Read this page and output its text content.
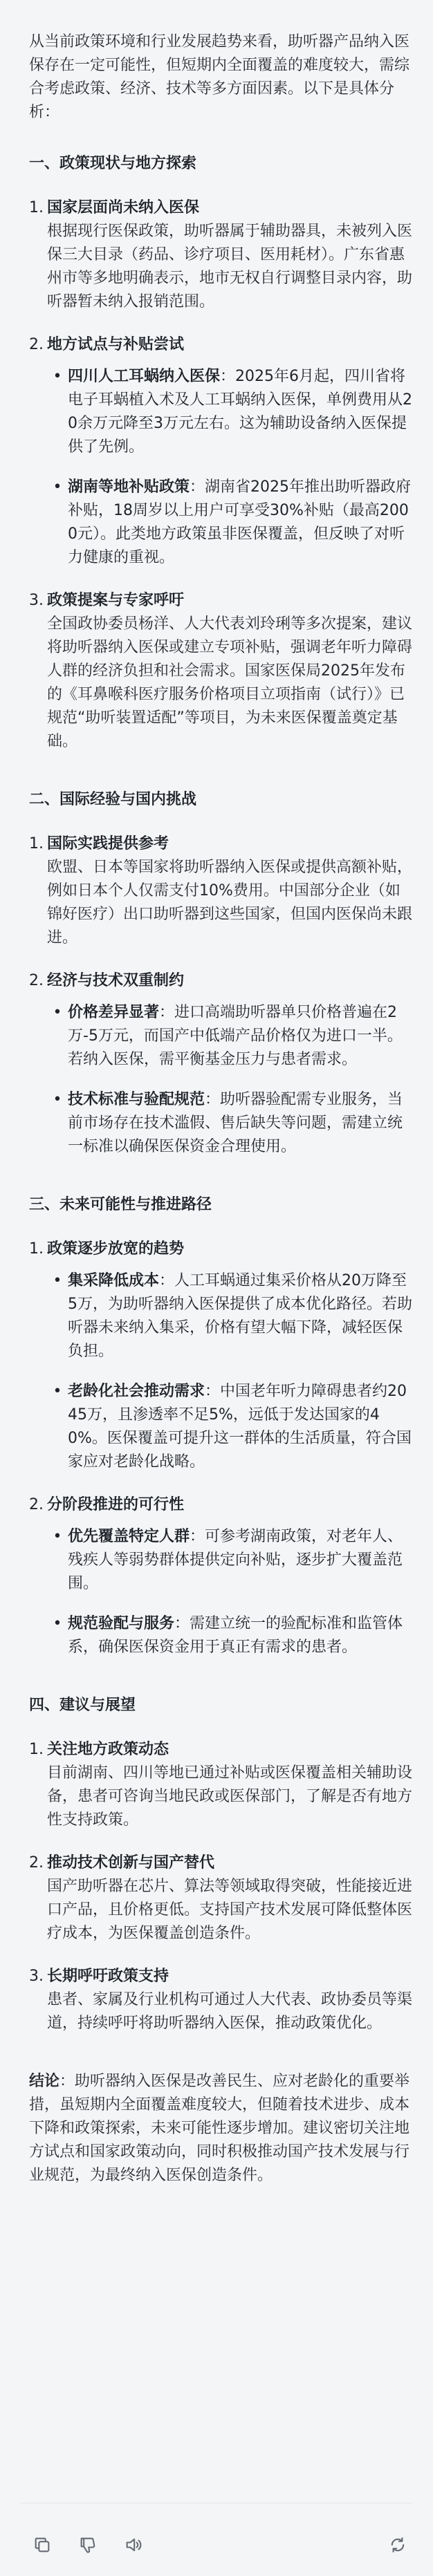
从当前政策环境和行业发展趋势来看，助听器产品纳入医保存在一定可能性，但短期内全面覆盖的难度较大，需综合考虑政策、经济、技术等多方面因素。以下是具体分析：
一、政策现状与地方探索
1. 国家层面尚未纳入医保
根据现行医保政策，助听器属于辅助器具，未被列入医保三大目录（药品、诊疗项目、医用耗材）。广东省惠州市等多地明确表示，地市无权自行调整目录内容，助听器暂未纳入报销范围。
2. 地方试点与补贴尝试
• 四川人工耳蜗纳入医保：2025年6月起，四川省将电子耳蜗植入术及人工耳蜗纳入医保，单例费用从20余万元降至3万元左右。这为辅助设备纳入医保提供了先例。
• 湖南等地补贴政策：湖南省2025年推出助听器政府补贴，18周岁以上用户可享受30%补贴（最高2000元）。此类地方政策虽非医保覆盖，但反映了对听力健康的重视。
3. 政策提案与专家呼吁
全国政协委员杨洋、人大代表刘玲琍等多次提案，建议将助听器纳入医保或建立专项补贴，强调老年听力障碍人群的经济负担和社会需求。国家医保局2025年发布的《耳鼻喉科医疗服务价格项目立项指南（试行）》已规范“助听装置适配”等项目，为未来医保覆盖奠定基础。
二、国际经验与国内挑战
1. 国际实践提供参考
欧盟、日本等国家将助听器纳入医保或提供高额补贴，例如日本个人仅需支付10%费用。中国部分企业（如锦好医疗）出口助听器到这些国家，但国内医保尚未跟进。
2. 经济与技术双重制约
• 价格差异显著：进口高端助听器单只价格普遍在2万-5万元，而国产中低端产品价格仅为进口一半。若纳入医保，需平衡基金压力与患者需求。
• 技术标准与验配规范：助听器验配需专业服务，当前市场存在技术滥假、售后缺失等问题，需建立统一标准以确保医保资金合理使用。
三、未来可能性与推进路径
1. 政策逐步放宽的趋势
• 集采降低成本：人工耳蜗通过集采价格从20万降至5万，为助听器纳入医保提供了成本优化路径。若助听器未来纳入集采，价格有望大幅下降，减轻医保负担。
• 老龄化社会推动需求：中国老年听力障碍患者约2045万，且渗透率不足5%，远低于发达国家的40%。医保覆盖可提升这一群体的生活质量，符合国家应对老龄化战略。
2. 分阶段推进的可行性
• 优先覆盖特定人群：可参考湖南政策，对老年人、残疾人等弱势群体提供定向补贴，逐步扩大覆盖范围。
• 规范验配与服务：需建立统一的验配标准和监管体系，确保医保资金用于真正有需求的患者。
四、建议与展望
1. 关注地方政策动态
目前湖南、四川等地已通过补贴或医保覆盖相关辅助设备，患者可咨询当地民政或医保部门，了解是否有地方性支持政策。
2. 推动技术创新与国产替代
国产助听器在芯片、算法等领域取得突破，性能接近进口产品，且价格更低。支持国产技术发展可降低整体医疗成本，为医保覆盖创造条件。
3. 长期呼吁政策支持
患者、家属及行业机构可通过人大代表、政协委员等渠道，持续呼吁将助听器纳入医保，推动政策优化。
结论：助听器纳入医保是改善民生、应对老龄化的重要举措，虽短期内全面覆盖难度较大，但随着技术进步、成本下降和政策探索，未来可能性逐步增加。建议密切关注地方试点和国家政策动向，同时积极推动国产技术发展与行业规范，为最终纳入医保创造条件。
